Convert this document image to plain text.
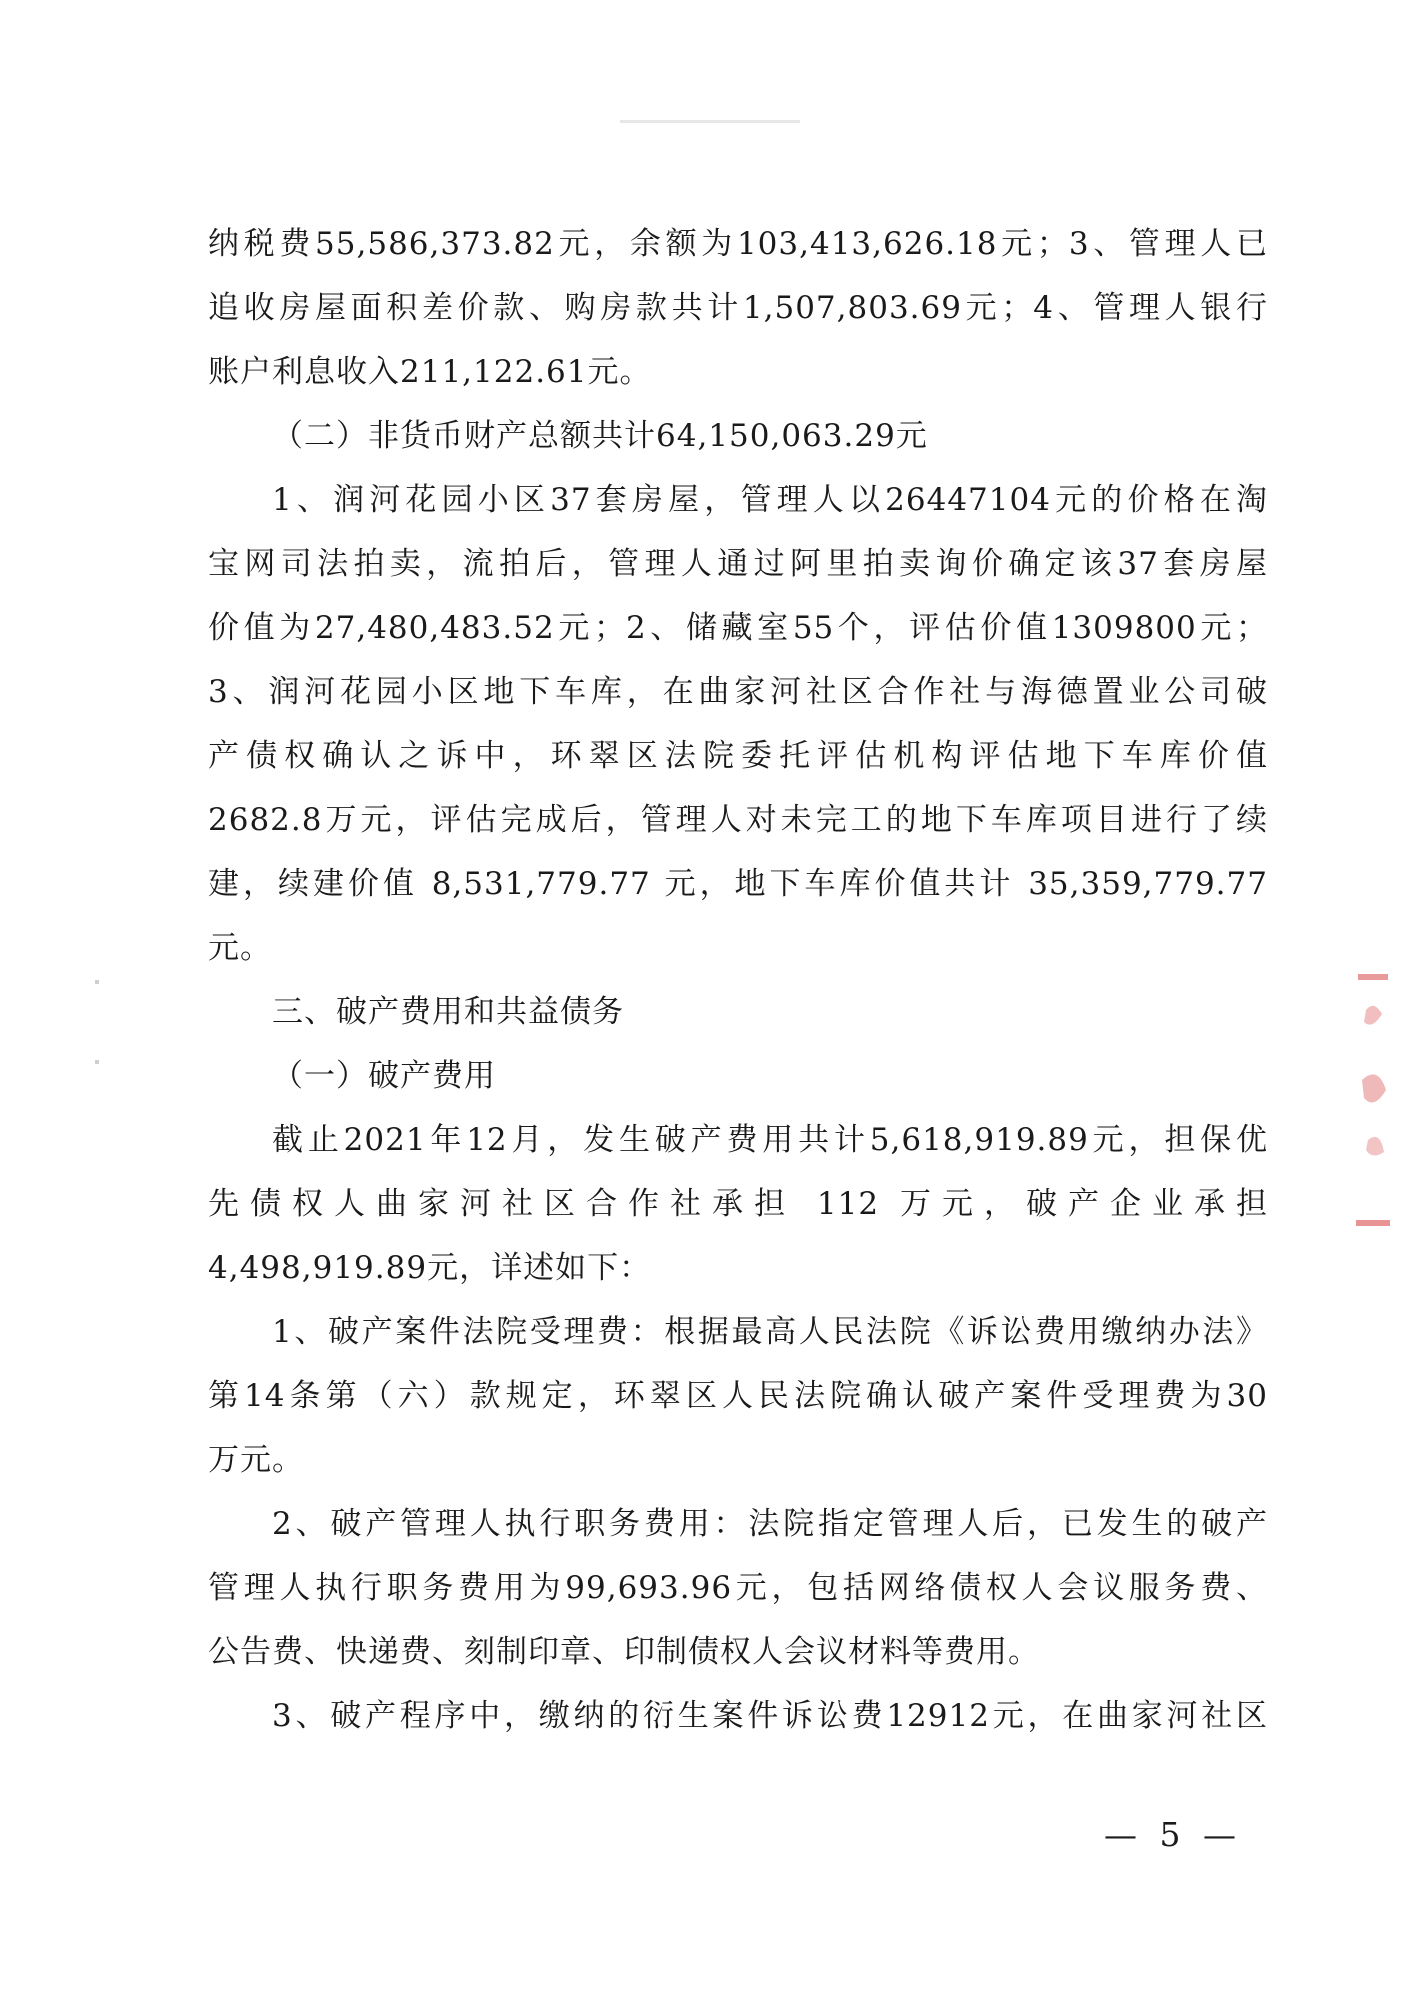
纳税费55,586,373.82元，余额为103,413,626.18元；3、管理人已
追收房屋面积差价款、购房款共计1,507,803.69元；4、管理人银行
账户利息收入211,122.61元。
（二）非货币财产总额共计64,150,063.29元
1、润河花园小区37套房屋，管理人以26447104元的价格在淘
宝网司法拍卖，流拍后，管理人通过阿里拍卖询价确定该37套房屋
价值为27,480,483.52元；2、储藏室55个，评估价值1309800元；
3、润河花园小区地下车库，在曲家河社区合作社与海德置业公司破
产债权确认之诉中，环翠区法院委托评估机构评估地下车库价值
2682.8万元，评估完成后，管理人对未完工的地下车库项目进行了续
建，续建价值 8,531,779.77 元，地下车库价值共计 35,359,779.77
元。
三、破产费用和共益债务
（一）破产费用
截止2021年12月，发生破产费用共计5,618,919.89元，担保优
先债权人曲家河社区合作社承担 112 万元，破产企业承担
4,498,919.89元，详述如下：
1、破产案件法院受理费：根据最高人民法院《诉讼费用缴纳办法》
第14条第（六）款规定，环翠区人民法院确认破产案件受理费为30
万元。
2、破产管理人执行职务费用：法院指定管理人后，已发生的破产
管理人执行职务费用为99,693.96元，包括网络债权人会议服务费、
公告费、快递费、刻制印章、印制债权人会议材料等费用。
3、破产程序中，缴纳的衍生案件诉讼费12912元，在曲家河社区
— 5 —
